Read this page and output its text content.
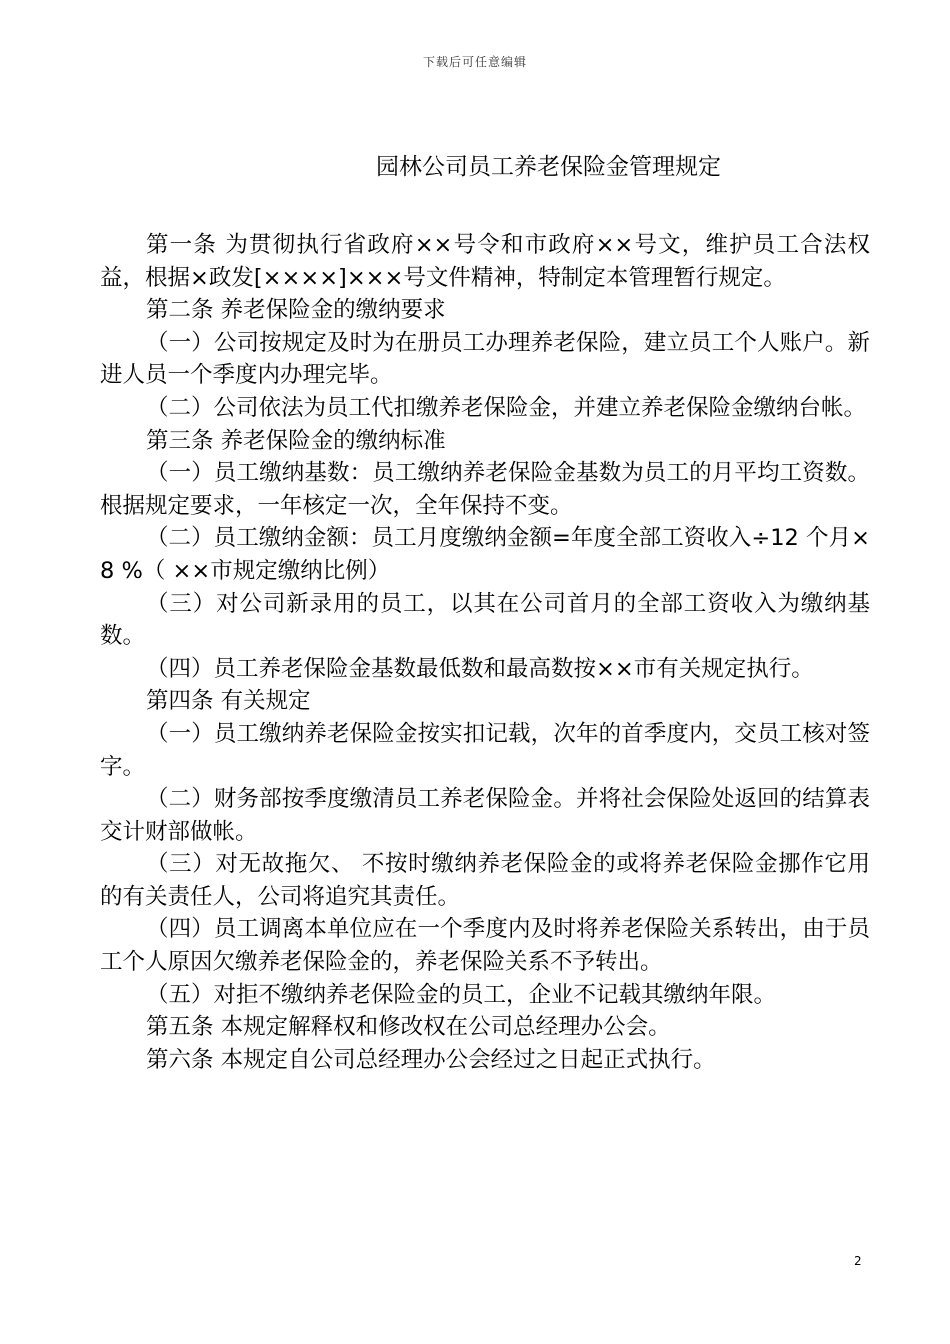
下载后可任意编辑
园林公司员工养老保险金管理规定

第一条 为贯彻执行省政府××号令和市政府××号文，维护员工合法权益，根据×政发[××××]×××号文件精神，特制定本管理暂行规定。

第二条 养老保险金的缴纳要求

（一）公司按规定及时为在册员工办理养老保险，建立员工个人账户。新进人员一个季度内办理完毕。

（二）公司依法为员工代扣缴养老保险金，并建立养老保险金缴纳台帐。

第三条 养老保险金的缴纳标准

（一）员工缴纳基数：员工缴纳养老保险金基数为员工的月平均工资数。根据规定要求，一年核定一次，全年保持不变。

（二）员工缴纳金额：员工月度缴纳金额=年度全部工资收入÷12 个月× 8 %（ ××市规定缴纳比例）

（三）对公司新录用的员工，以其在公司首月的全部工资收入为缴纳基数。

（四）员工养老保险金基数最低数和最高数按××市有关规定执行。

第四条 有关规定

（一）员工缴纳养老保险金按实扣记载，次年的首季度内，交员工核对签字。

（二）财务部按季度缴清员工养老保险金。并将社会保险处返回的结算表交计财部做帐。

（三）对无故拖欠、 不按时缴纳养老保险金的或将养老保险金挪作它用的有关责任人，公司将追究其责任。

（四）员工调离本单位应在一个季度内及时将养老保险关系转出，由于员工个人原因欠缴养老保险金的，养老保险关系不予转出。

（五）对拒不缴纳养老保险金的员工，企业不记载其缴纳年限。

第五条 本规定解释权和修改权在公司总经理办公会。

第六条 本规定自公司总经理办公会经过之日起正式执行。

2
